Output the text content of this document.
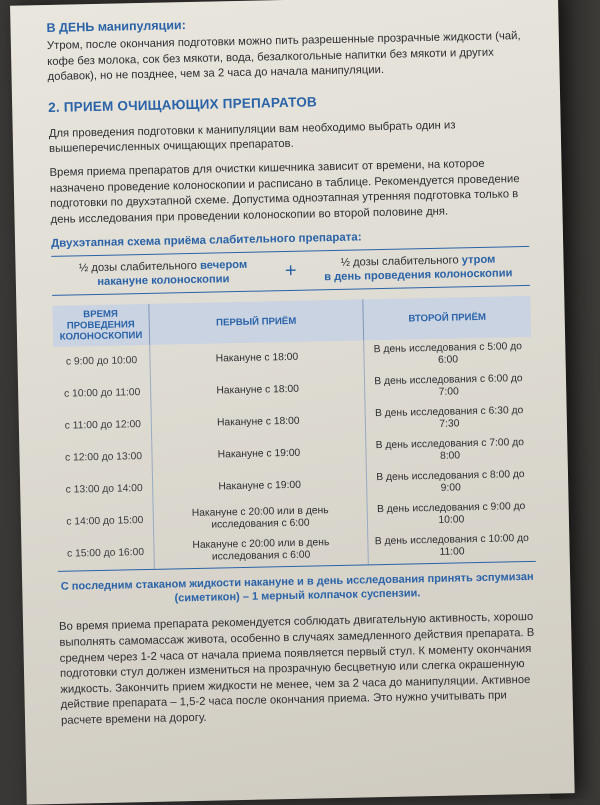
В ДЕНЬ манипуляции:

Утром, после окончания подготовки можно пить разрешенные прозрачные жидкости (чай, кофе без молока, сок без мякоти, вода, безалкогольные напитки без мякоти и других добавок), но не позднее, чем за 2 часа до начала манипуляции.

2. ПРИЕМ ОЧИЩАЮЩИХ ПРЕПАРАТОВ

Для проведения подготовки к манипуляции вам необходимо выбрать один из вышеперечисленных очищающих препаратов.

Время приема препаратов для очистки кишечника зависит от времени, на которое назначено проведение колоноскопии и расписано в таблице. Рекомендуется проведение подготовки по двухэтапной схеме. Допустима одноэтапная утренняя подготовка только в день исследования при проведении колоноскопии во второй половине дня.

Двухэтапная схема приёма слабительного препарата:
½ дозы слабительного вечером
накануне колоноскопии	+	½ дозы слабительного утром
в день проведения колоноскопии
ВРЕМЯ ПРОВЕДЕНИЯ КОЛОНОСКОПИИ	ПЕРВЫЙ ПРИЁМ	ВТОРОЙ ПРИЁМ
с 9:00 до 10:00	Накануне с 18:00	В день исследования с 5:00 до 6:00
с 10:00 до 11:00	Накануне с 18:00	В день исследования с 6:00 до 7:00
с 11:00 до 12:00	Накануне с 18:00	В день исследования с 6:30 до 7:30
с 12:00 до 13:00	Накануне с 19:00	В день исследования с 7:00 до 8:00
с 13:00 до 14:00	Накануне с 19:00	В день исследования с 8:00 до 9:00
с 14:00 до 15:00	Накануне с 20:00 или в день исследования с 6:00	В день исследования с 9:00 до 10:00
с 15:00 до 16:00	Накануне с 20:00 или в день исследования с 6:00	В день исследования с 10:00 до 11:00
С последним стаканом жидкости накануне и в день исследования принять эспумизан (симетикон) – 1 мерный колпачок суспензии.

Во время приема препарата рекомендуется соблюдать двигательную активность, хорошо выполнять самомассаж живота, особенно в случаях замедленного действия препарата. В среднем через 1-2 часа от начала приема появляется первый стул. К моменту окончания подготовки стул должен измениться на прозрачную бесцветную или слегка окрашенную жидкость. Закончить прием жидкости не менее, чем за 2 часа до манипуляции. Активное действие препарата – 1,5-2 часа после окончания приема. Это нужно учитывать при расчете времени на дорогу.
